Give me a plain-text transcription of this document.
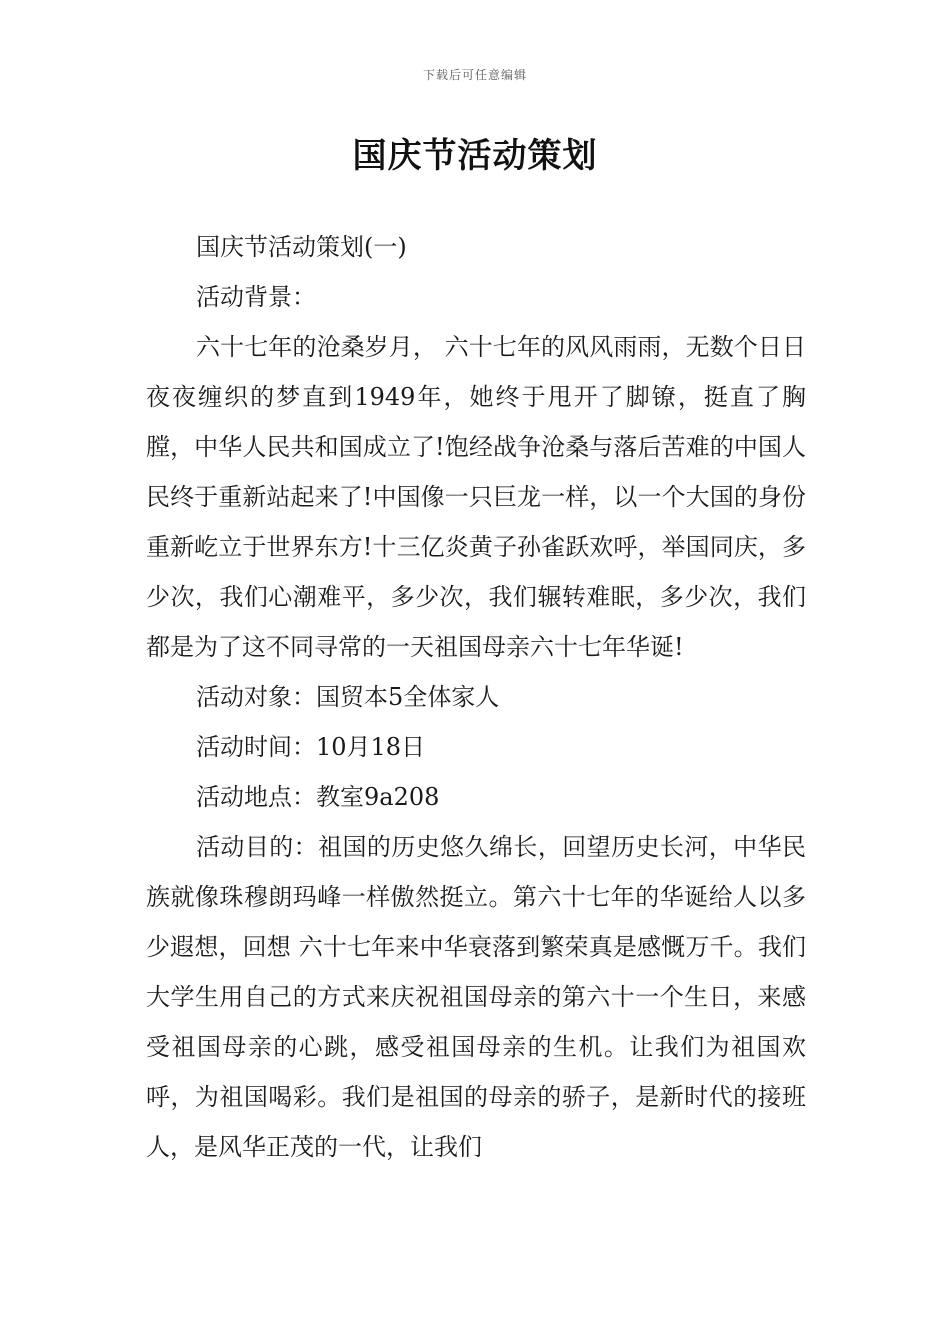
下载后可任意编辑
国庆节活动策划

国庆节活动策划(一)

活动背景：

六十七年的沧桑岁月， 六十七年的风风雨雨，无数个日日夜夜缠织的梦直到1949年，她终于甩开了脚镣，挺直了胸膛，中华人民共和国成立了!饱经战争沧桑与落后苦难的中国人民终于重新站起来了!中国像一只巨龙一样，以一个大国的身份重新屹立于世界东方!十三亿炎黄子孙雀跃欢呼，举国同庆，多少次，我们心潮难平，多少次，我们辗转难眠，多少次，我们都是为了这不同寻常的一天祖国母亲六十七年华诞!

活动对象：国贸本5全体家人

活动时间：10月18日

活动地点：教室9a208

活动目的：祖国的历史悠久绵长，回望历史长河，中华民族就像珠穆朗玛峰一样傲然挺立。第六十七年的华诞给人以多少遐想，回想 六十七年来中华衰落到繁荣真是感慨万千。我们大学生用自己的方式来庆祝祖国母亲的第六十一个生日，来感受祖国母亲的心跳，感受祖国母亲的生机。让我们为祖国欢呼，为祖国喝彩。我们是祖国的母亲的骄子，是新时代的接班人，是风华正茂的一代，让我们
